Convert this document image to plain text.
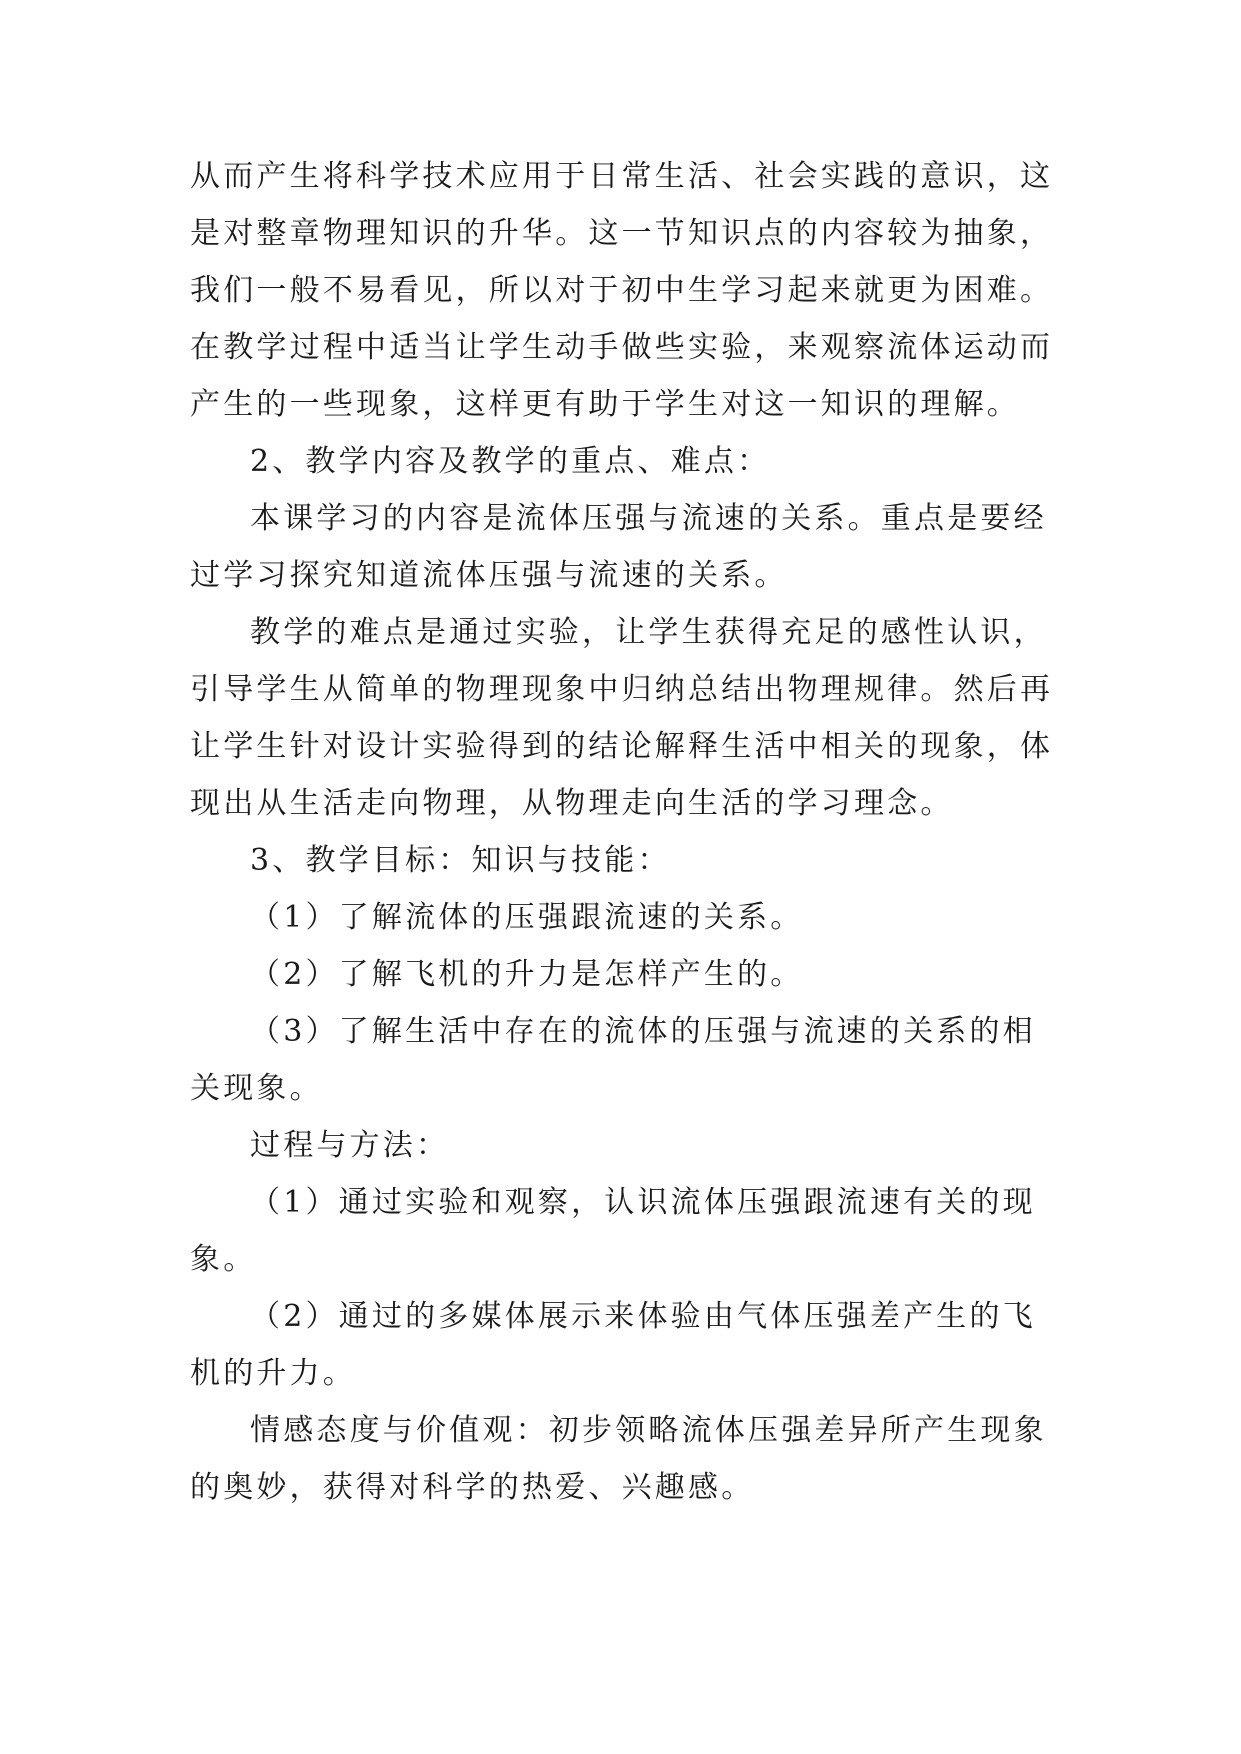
从而产生将科学技术应用于日常生活、社会实践的意识，这
是对整章物理知识的升华。这一节知识点的内容较为抽象，
我们一般不易看见，所以对于初中生学习起来就更为困难。
在教学过程中适当让学生动手做些实验，来观察流体运动而
产生的一些现象，这样更有助于学生对这一知识的理解。
2、教学内容及教学的重点、难点：
本课学习的内容是流体压强与流速的关系。重点是要经
过学习探究知道流体压强与流速的关系。
教学的难点是通过实验，让学生获得充足的感性认识，
引导学生从简单的物理现象中归纳总结出物理规律。然后再
让学生针对设计实验得到的结论解释生活中相关的现象，体
现出从生活走向物理，从物理走向生活的学习理念。
3、教学目标：知识与技能：
（1）了解流体的压强跟流速的关系。
（2）了解飞机的升力是怎样产生的。
（3）了解生活中存在的流体的压强与流速的关系的相
关现象。
过程与方法：
（1）通过实验和观察，认识流体压强跟流速有关的现
象。
（2）通过的多媒体展示来体验由气体压强差产生的飞
机的升力。
情感态度与价值观：初步领略流体压强差异所产生现象
的奥妙，获得对科学的热爱、兴趣感。
